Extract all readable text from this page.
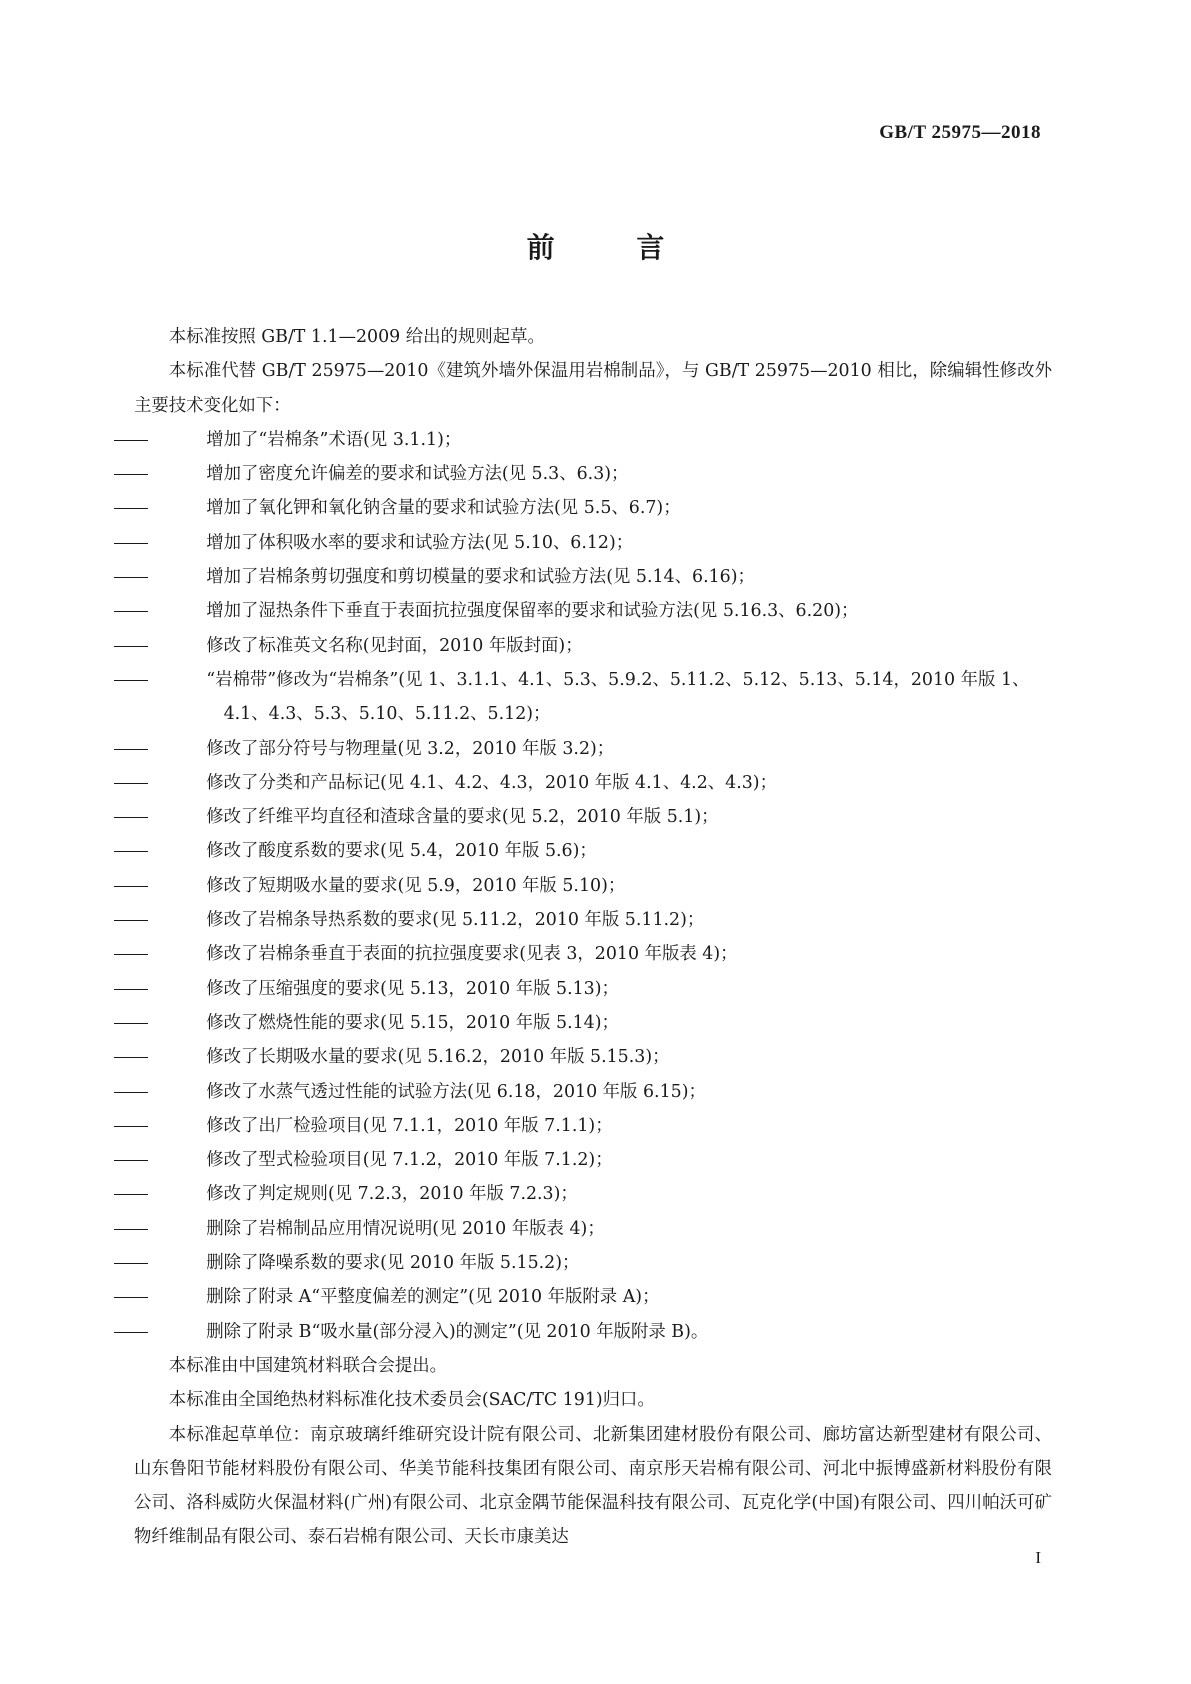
GB/T 25975—2018
前 言

本标准按照 GB/T 1.1—2009 给出的规则起草。

本标准代替 GB/T 25975—2010《建筑外墙外保温用岩棉制品》，与 GB/T 25975—2010 相比，除编辑性修改外主要技术变化如下：

增加了“岩棉条”术语(见 3.1.1)；
增加了密度允许偏差的要求和试验方法(见 5.3、6.3)；
增加了氧化钾和氧化钠含量的要求和试验方法(见 5.5、6.7)；
增加了体积吸水率的要求和试验方法(见 5.10、6.12)；
增加了岩棉条剪切强度和剪切模量的要求和试验方法(见 5.14、6.16)；
增加了湿热条件下垂直于表面抗拉强度保留率的要求和试验方法(见 5.16.3、6.20)；
修改了标准英文名称(见封面，2010 年版封面)；
“岩棉带”修改为“岩棉条”(见 1、3.1.1、4.1、5.3、5.9.2、5.11.2、5.12、5.13、5.14，2010 年版 1、4.1、4.3、5.3、5.10、5.11.2、5.12)；
修改了部分符号与物理量(见 3.2，2010 年版 3.2)；
修改了分类和产品标记(见 4.1、4.2、4.3，2010 年版 4.1、4.2、4.3)；
修改了纤维平均直径和渣球含量的要求(见 5.2，2010 年版 5.1)；
修改了酸度系数的要求(见 5.4，2010 年版 5.6)；
修改了短期吸水量的要求(见 5.9，2010 年版 5.10)；
修改了岩棉条导热系数的要求(见 5.11.2，2010 年版 5.11.2)；
修改了岩棉条垂直于表面的抗拉强度要求(见表 3，2010 年版表 4)；
修改了压缩强度的要求(见 5.13，2010 年版 5.13)；
修改了燃烧性能的要求(见 5.15，2010 年版 5.14)；
修改了长期吸水量的要求(见 5.16.2，2010 年版 5.15.3)；
修改了水蒸气透过性能的试验方法(见 6.18，2010 年版 6.15)；
修改了出厂检验项目(见 7.1.1，2010 年版 7.1.1)；
修改了型式检验项目(见 7.1.2，2010 年版 7.1.2)；
修改了判定规则(见 7.2.3，2010 年版 7.2.3)；
删除了岩棉制品应用情况说明(见 2010 年版表 4)；
删除了降噪系数的要求(见 2010 年版 5.15.2)；
删除了附录 A“平整度偏差的测定”(见 2010 年版附录 A)；
删除了附录 B“吸水量(部分浸入)的测定”(见 2010 年版附录 B)。

本标准由中国建筑材料联合会提出。

本标准由全国绝热材料标准化技术委员会(SAC/TC 191)归口。

本标准起草单位：南京玻璃纤维研究设计院有限公司、北新集团建材股份有限公司、廊坊富达新型建材有限公司、山东鲁阳节能材料股份有限公司、华美节能科技集团有限公司、南京彤天岩棉有限公司、河北中振博盛新材料股份有限公司、洛科威防火保温材料(广州)有限公司、北京金隅节能保温科技有限公司、瓦克化学(中国)有限公司、四川帕沃可矿物纤维制品有限公司、泰石岩棉有限公司、天长市康美达

I
